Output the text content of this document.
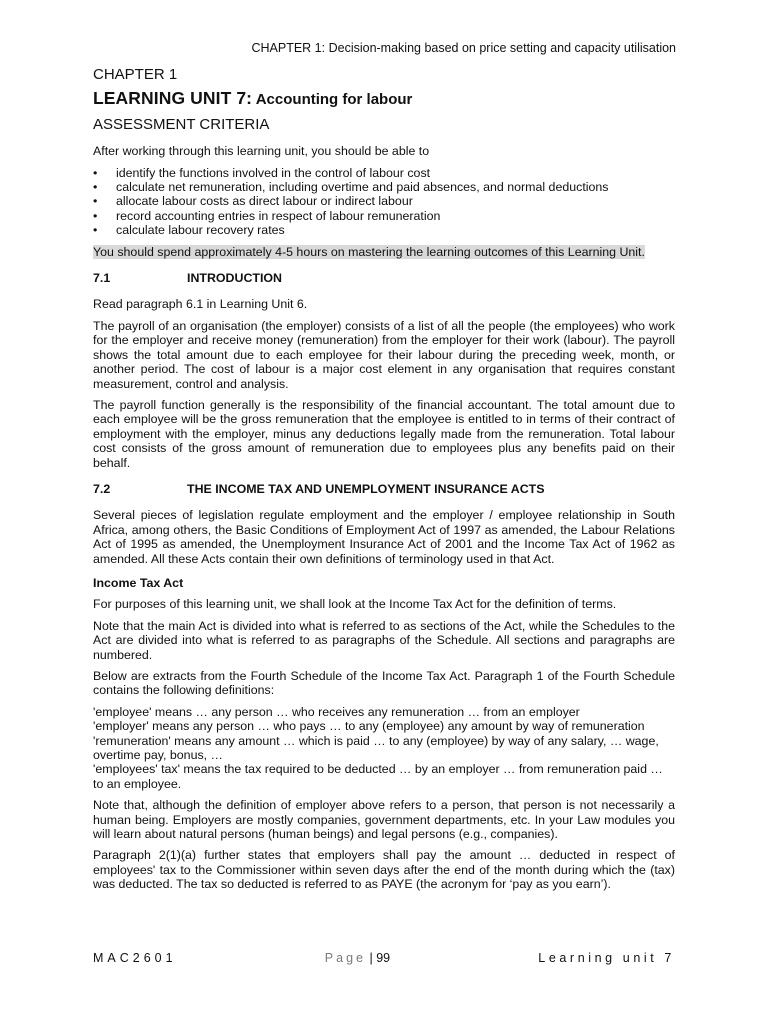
CHAPTER 1: Decision-making based on price setting and capacity utilisation
CHAPTER 1
LEARNING UNIT 7: Accounting for labour
ASSESSMENT CRITERIA

After working through this learning unit, you should be able to

• identify the functions involved in the control of labour cost
• calculate net remuneration, including overtime and paid absences, and normal deductions
• allocate labour costs as direct labour or indirect labour
• record accounting entries in respect of labour remuneration
• calculate labour recovery rates
You should spend approximately 4-5 hours on mastering the learning outcomes of this Learning Unit.
7.1	INTRODUCTION

Read paragraph 6.1 in Learning Unit 6.

The payroll of an organisation (the employer) consists of a list of all the people (the employees) who work for the employer and receive money (remuneration) from the employer for their work (labour). The payroll shows the total amount due to each employee for their labour during the preceding week, month, or another period. The cost of labour is a major cost element in any organisation that requires constant measurement, control and analysis.

The payroll function generally is the responsibility of the financial accountant. The total amount due to each employee will be the gross remuneration that the employee is entitled to in terms of their contract of employment with the employer, minus any deductions legally made from the remuneration. Total labour cost consists of the gross amount of remuneration due to employees plus any benefits paid on their behalf.

7.2	THE INCOME TAX AND UNEMPLOYMENT INSURANCE ACTS

Several pieces of legislation regulate employment and the employer / employee relationship in South Africa, among others, the Basic Conditions of Employment Act of 1997 as amended, the Labour Relations Act of 1995 as amended, the Unemployment Insurance Act of 2001 and the Income Tax Act of 1962 as amended. All these Acts contain their own definitions of terminology used in that Act.

Income Tax Act

For purposes of this learning unit, we shall look at the Income Tax Act for the definition of terms.

Note that the main Act is divided into what is referred to as sections of the Act, while the Schedules to the Act are divided into what is referred to as paragraphs of the Schedule. All sections and paragraphs are numbered.

Below are extracts from the Fourth Schedule of the Income Tax Act. Paragraph 1 of the Fourth Schedule contains the following definitions:

'employee' means … any person … who receives any remuneration … from an employer

'employer' means any person … who pays … to any (employee) any amount by way of remuneration

'remuneration' means any amount … which is paid … to any (employee) by way of any salary, … wage, overtime pay, bonus, …

'employees' tax' means the tax required to be deducted … by an employer … from remuneration paid … to an employee.

Note that, although the definition of employer above refers to a person, that person is not necessarily a human being. Employers are mostly companies, government departments, etc. In your Law modules you will learn about natural persons (human beings) and legal persons (e.g., companies).

Paragraph 2(1)(a) further states that employers shall pay the amount … deducted in respect of employees' tax to the Commissioner within seven days after the end of the month during which the (tax) was deducted. The tax so deducted is referred to as PAYE (the acronym for ‘pay as you earn’).

MAC2601	Page | 99	Learning unit 7
